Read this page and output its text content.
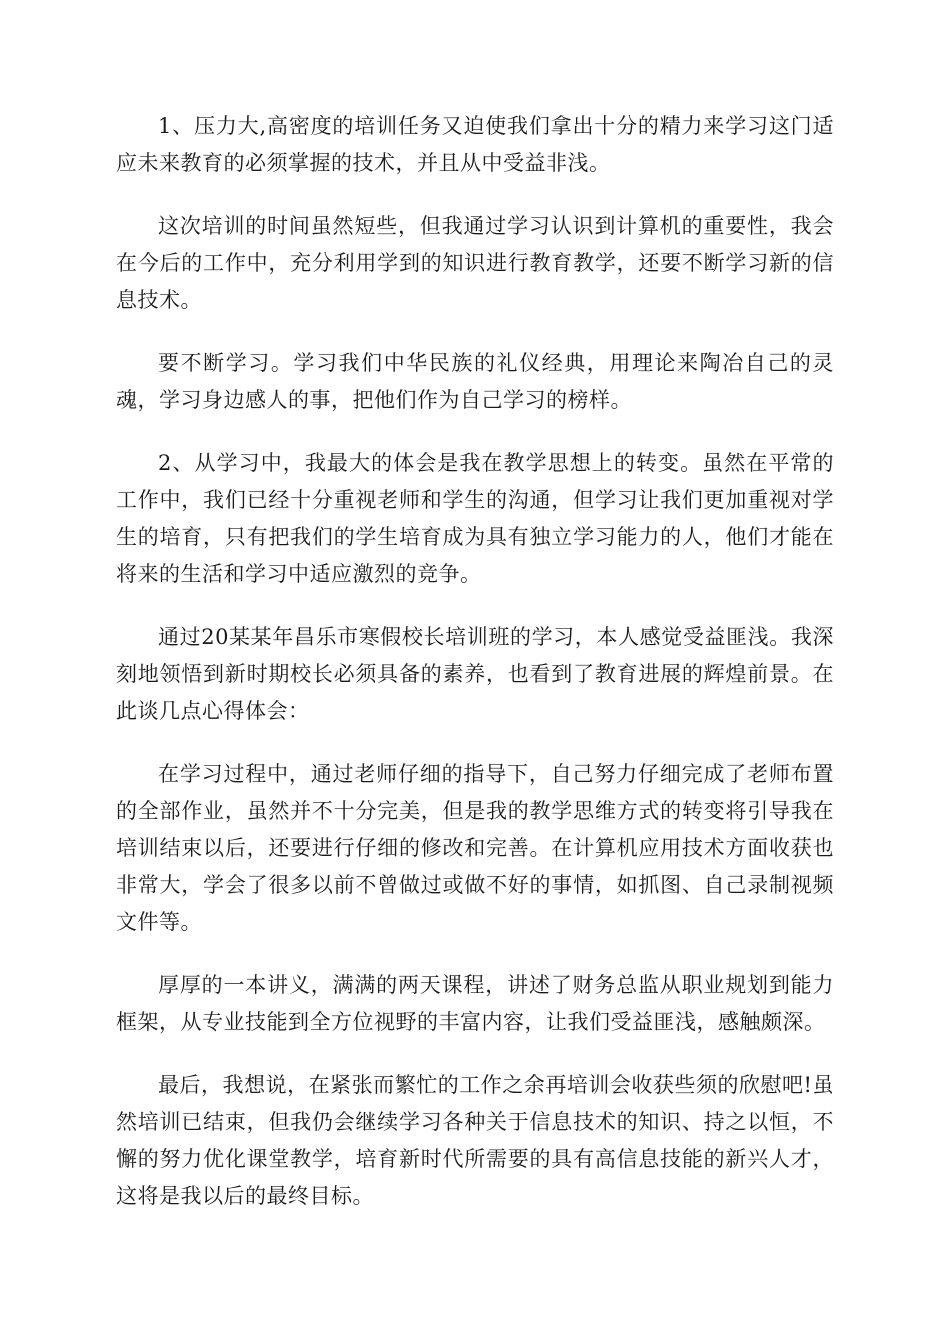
1、压力大,高密度的培训任务又迫使我们拿出十分的精力来学习这门适应未来教育的必须掌握的技术，并且从中受益非浅。

这次培训的时间虽然短些，但我通过学习认识到计算机的重要性，我会在今后的工作中，充分利用学到的知识进行教育教学，还要不断学习新的信息技术。

要不断学习。学习我们中华民族的礼仪经典，用理论来陶冶自己的灵魂，学习身边感人的事，把他们作为自己学习的榜样。

2、从学习中，我最大的体会是我在教学思想上的转变。虽然在平常的工作中，我们已经十分重视老师和学生的沟通，但学习让我们更加重视对学生的培育，只有把我们的学生培育成为具有独立学习能力的人，他们才能在将来的生活和学习中适应激烈的竞争。

通过20某某年昌乐市寒假校长培训班的学习，本人感觉受益匪浅。我深刻地领悟到新时期校长必须具备的素养，也看到了教育进展的辉煌前景。在此谈几点心得体会：

在学习过程中，通过老师仔细的指导下，自己努力仔细完成了老师布置的全部作业，虽然并不十分完美，但是我的教学思维方式的转变将引导我在培训结束以后，还要进行仔细的修改和完善。在计算机应用技术方面收获也非常大，学会了很多以前不曾做过或做不好的事情，如抓图、自己录制视频文件等。

厚厚的一本讲义，满满的两天课程，讲述了财务总监从职业规划到能力框架，从专业技能到全方位视野的丰富内容，让我们受益匪浅，感触颇深。

最后，我想说，在紧张而繁忙的工作之余再培训会收获些须的欣慰吧!虽然培训已结束，但我仍会继续学习各种关于信息技术的知识、持之以恒，不懈的努力优化课堂教学，培育新时代所需要的具有高信息技能的新兴人才，这将是我以后的最终目标。
